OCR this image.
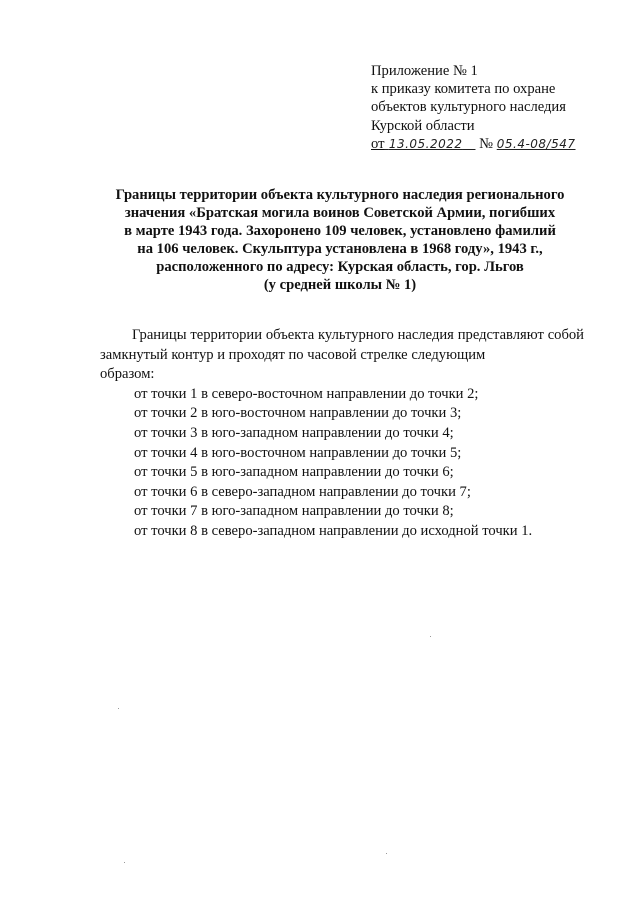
Приложение № 1
к приказу комитета по охране
объектов культурного наследия
Курской области
от 13.05.2022 № 05.4-08/547
Границы территории объекта культурного наследия регионального
значения «Братская могила воинов Советской Армии, погибших
в марте 1943 года. Захоронено 109 человек, установлено фамилий
на 106 человек. Скульптура установлена в 1968 году», 1943 г.,
расположенного по адресу: Курская область, гор. Льгов
(у средней школы № 1)

Границы территории объекта культурного наследия представляют собой замкнутый контур и проходят по часовой стрелке следующим

образом:

от точки 1 в северо-восточном направлении до точки 2;

от точки 2 в юго-восточном направлении до точки 3;

от точки 3 в юго-западном направлении до точки 4;

от точки 4 в юго-восточном направлении до точки 5;

от точки 5 в юго-западном направлении до точки 6;

от точки 6 в северо-западном направлении до точки 7;

от точки 7 в юго-западном направлении до точки 8;

от точки 8 в северо-западном направлении до исходной точки 1.
